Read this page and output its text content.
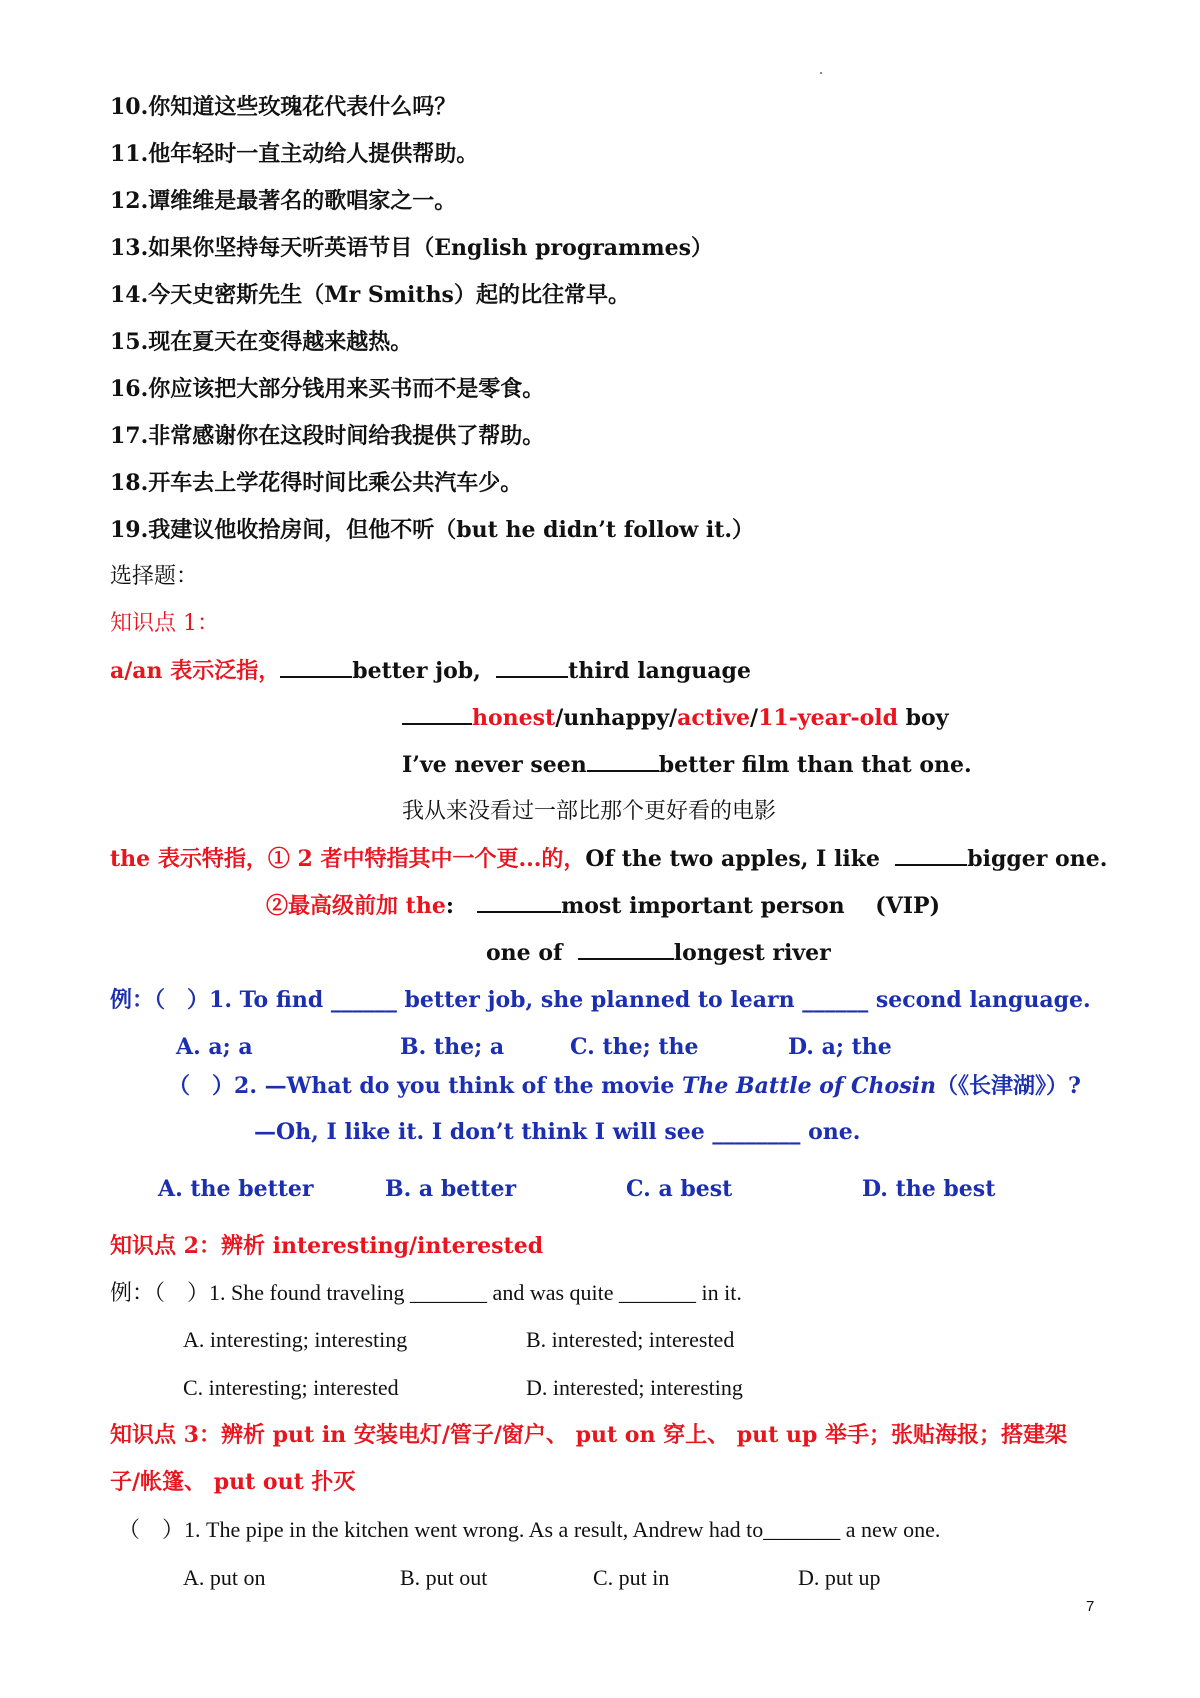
10.你知道这些玫瑰花代表什么吗？
11.他年轻时一直主动给人提供帮助。
12.谭维维是最著名的歌唱家之一。
13.如果你坚持每天听英语节目（English programmes）
14.今天史密斯先生（Mr Smiths）起的比往常早。
15.现在夏天在变得越来越热。
16.你应该把大部分钱用来买书而不是零食。
17.非常感谢你在这段时间给我提供了帮助。
18.开车去上学花得时间比乘公共汽车少。
19.我建议他收拾房间，但他不听（but he didn’t follow it.）
选择题：
知识点 1：
a/an 表示泛指，	better job,	third language
honest/unhappy/active/11-year-old boy
I’ve never seen	better film than that one.
我从来没看过一部比那个更好看的电影
the 表示特指，① 2 者中特指其中一个更...的，Of the two apples, I like	bigger one.
②最高级前加 the:	most important person (VIP)
one of	longest river
例：（　）1. To find ______ better job, she planned to learn ______ second language.
A. a; a	B. the; a	C. the; the	D. a; the
（　）2. —What do you think of the movie The Battle of Chosin（《长津湖》）?
—Oh, I like it. I don’t think I will see ________ one.
A. the better	B. a better	C. a best	D. the best
知识点 2：辨析 interesting/interested
例：（　）1. She found traveling _______ and was quite _______ in it.
A. interesting; interesting	B. interested; interested
C. interesting; interested	D. interested; interesting
知识点 3：辨析 put in 安装电灯/管子/窗户、 put on 穿上、 put up 举手；张贴海报；搭建架
子/帐篷、 put out 扑灭
（　）1. The pipe in the kitchen went wrong. As a result, Andrew had to_______ a new one.
A. put on	B. put out	C. put in	D. put up
7
